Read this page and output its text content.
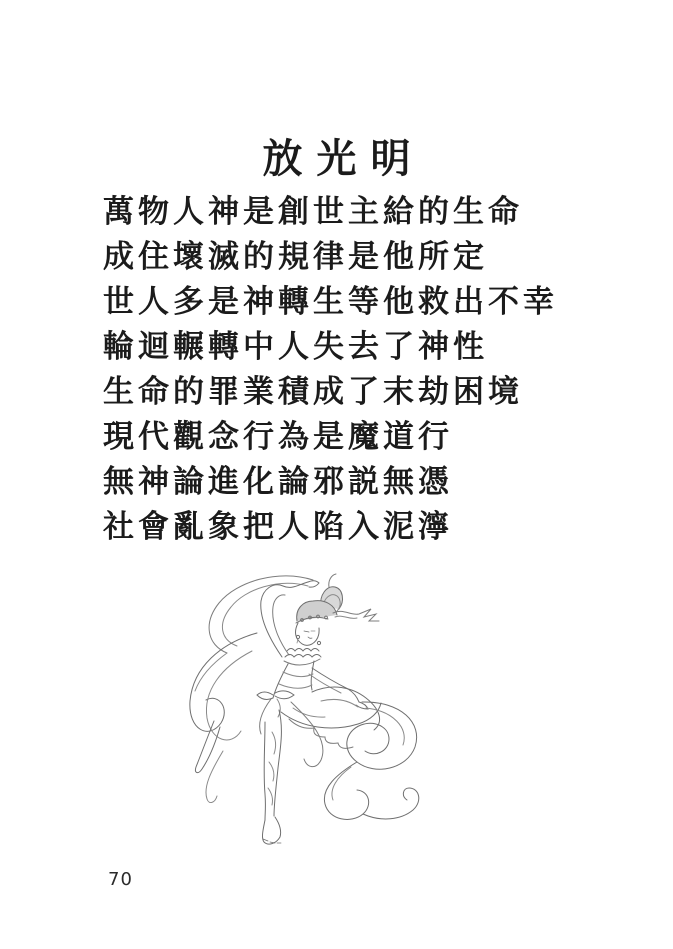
放光明
萬物人神是創世主給的生命
成住壞滅的規律是他所定
世人多是神轉生等他救出不幸
輪迴輾轉中人失去了神性
生命的罪業積成了末劫困境
現代觀念行為是魔道行
無神論進化論邪説無憑
社會亂象把人陷入泥濘
70
